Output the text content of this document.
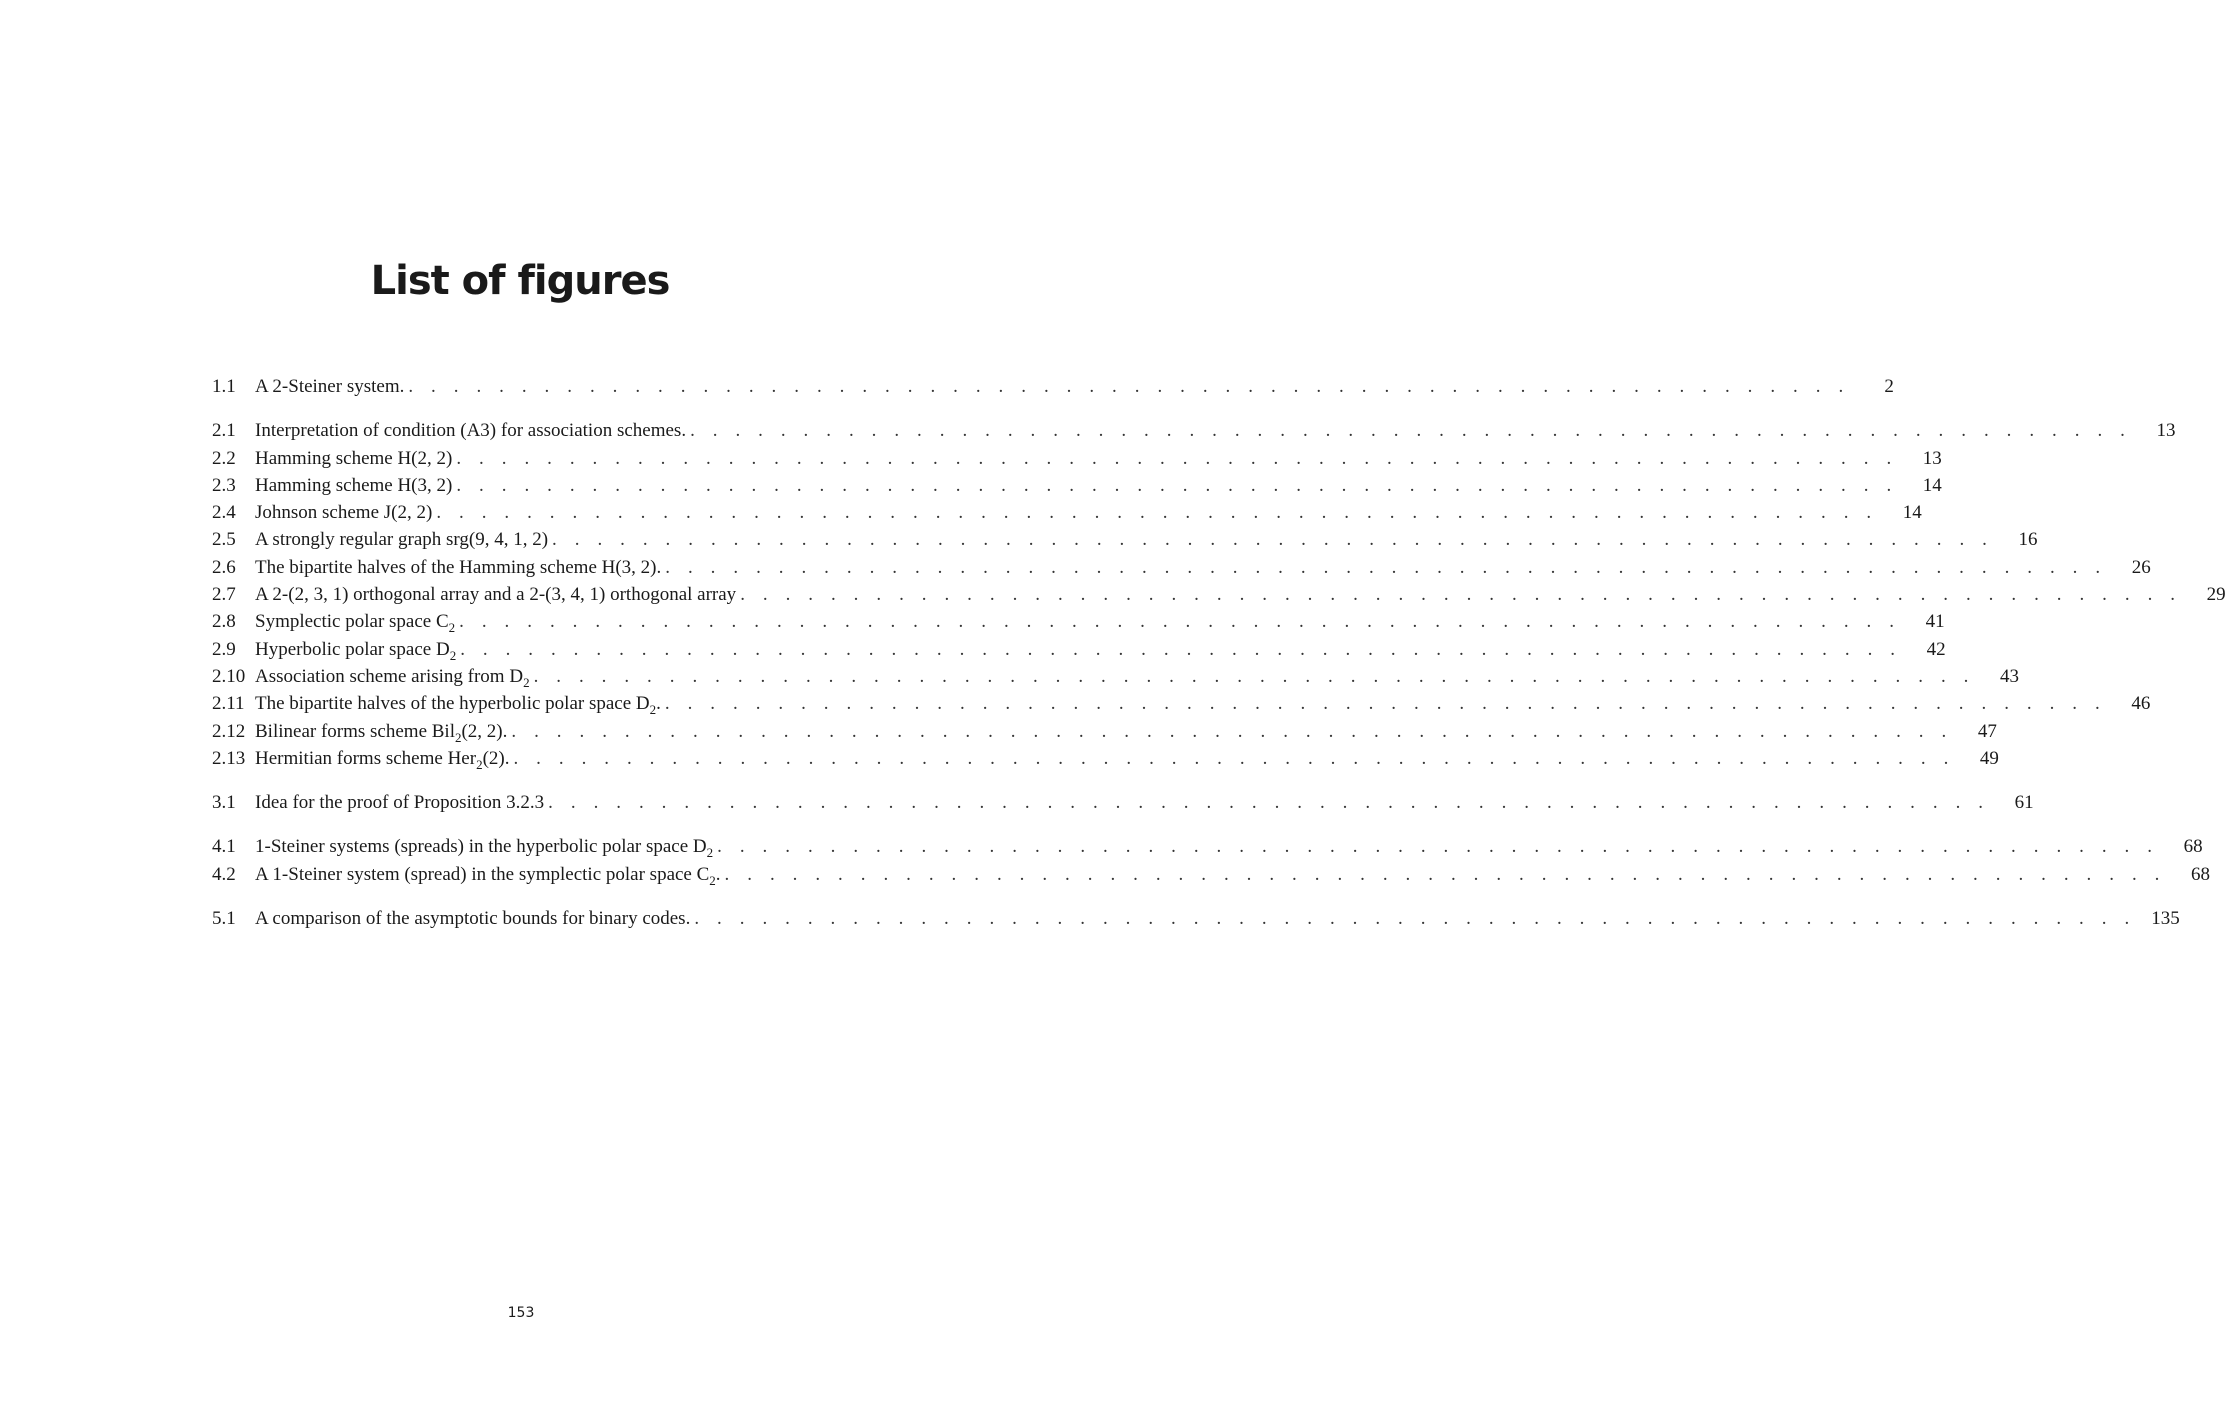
List of figures
1.1	A 2-Steiner system. . . .	2
2.1	Interpretation of condition (A3) for association schemes. . . .	13
2.2	Hamming scheme H(2, 2) . . .	13
2.3	Hamming scheme H(3, 2) . . .	14
2.4	Johnson scheme J(2, 2) . . .	14
2.5	A strongly regular graph srg(9, 4, 1, 2) . . .	16
2.6	The bipartite halves of the Hamming scheme H(3, 2). . . .	26
2.7	A 2-(2, 3, 1) orthogonal array and a 2-(3, 4, 1) orthogonal array . . .	29
2.8	Symplectic polar space $C_2$ . . .	41
2.9	Hyperbolic polar space $D_2$ . . .	42
2.10 Association scheme arising from $D_2$ . . .	43
2.11 The bipartite halves of the hyperbolic polar space $D_2$. . . .	46
2.12 Bilinear forms scheme Bil$_2$(2, 2). . . .	47
2.13 Hermitian forms scheme Her$_2$(2). . . .	49
3.1	Idea for the proof of Proposition 3.2.3 . . .	61
4.1	1-Steiner systems (spreads) in the hyperbolic polar space $D_2$ . . .	68
4.2	A 1-Steiner system (spread) in the symplectic polar space $C_2$. . . .	68
5.1	A comparison of the asymptotic bounds for binary codes. . . .	135
153
